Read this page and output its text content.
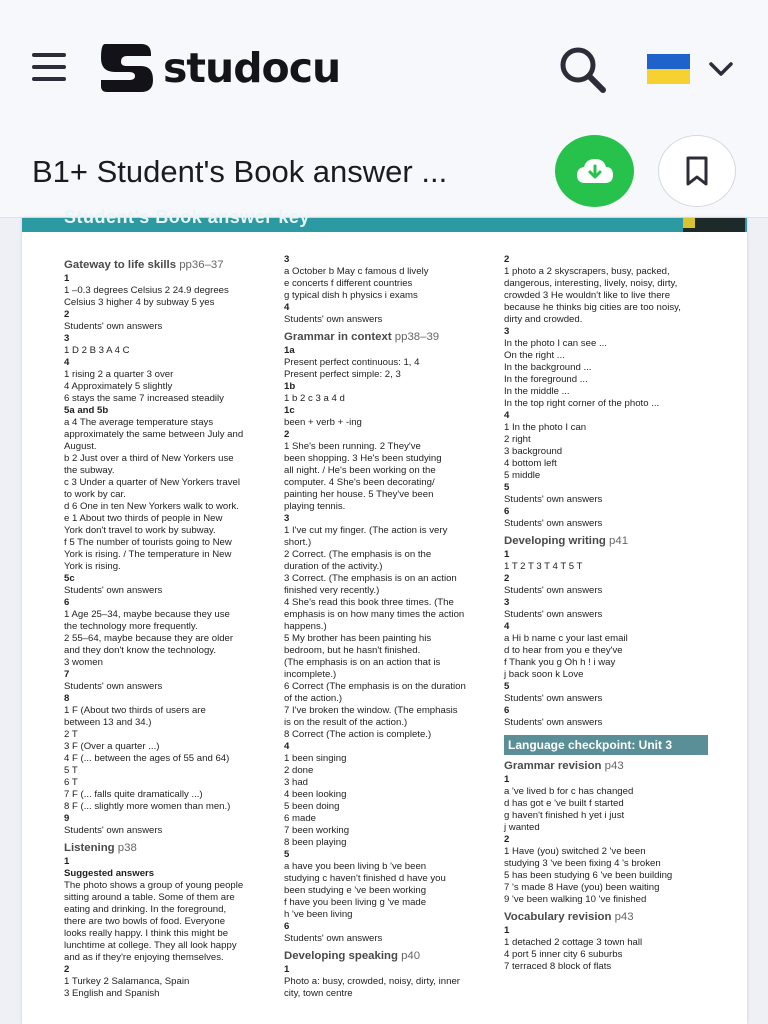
studocu
B1+ Student's Book answer ...
Student's Book answer key
Gateway to life skills pp36–37
1
1 –0.3 degrees Celsius 2 24.9 degrees
Celsius 3 higher 4 by subway 5 yes
2
Students' own answers
3
1 D 2 B 3 A 4 C
4
1 rising 2 a quarter 3 over
4 Approximately 5 slightly
6 stays the same 7 increased steadily
5a and 5b
a 4 The average temperature stays
approximately the same between July and
August.
b 2 Just over a third of New Yorkers use
the subway.
c 3 Under a quarter of New Yorkers travel
to work by car.
d 6 One in ten New Yorkers walk to work.
e 1 About two thirds of people in New
York don't travel to work by subway.
f 5 The number of tourists going to New
York is rising. / The temperature in New
York is rising.
5c
Students' own answers
6
1 Age 25–34, maybe because they use
the technology more frequently.
2 55–64, maybe because they are older
and they don't know the technology.
3 women
7
Students' own answers
8
1 F (About two thirds of users are
between 13 and 34.)
2 T
3 F (Over a quarter ...)
4 F (... between the ages of 55 and 64)
5 T
6 T
7 F (... falls quite dramatically ...)
8 F (... slightly more women than men.)
9
Students' own answers
Listening p38
1
Suggested answers
The photo shows a group of young people
sitting around a table. Some of them are
eating and drinking. In the foreground,
there are two bowls of food. Everyone
looks really happy. I think this might be
lunchtime at college. They all look happy
and as if they're enjoying themselves.
2
1 Turkey 2 Salamanca, Spain
3 English and Spanish
3
a October b May c famous d lively
e concerts f different countries
g typical dish h physics i exams
4
Students' own answers
Grammar in context pp38–39
1a
Present perfect continuous: 1, 4
Present perfect simple: 2, 3
1b
1 b 2 c 3 a 4 d
1c
been + verb + -ing
2
1 She's been running. 2 They've
been shopping. 3 He's been studying
all night. / He's been working on the
computer. 4 She's been decorating/
painting her house. 5 They've been
playing tennis.
3
1 I've cut my finger. (The action is very
short.)
2 Correct. (The emphasis is on the
duration of the activity.)
3 Correct. (The emphasis is on an action
finished very recently.)
4 She's read this book three times. (The
emphasis is on how many times the action
happens.)
5 My brother has been painting his
bedroom, but he hasn't finished.
(The emphasis is on an action that is
incomplete.)
6 Correct (The emphasis is on the duration
of the action.)
7 I've broken the window. (The emphasis
is on the result of the action.)
8 Correct (The action is complete.)
4
1 been singing
2 done
3 had
4 been looking
5 been doing
6 made
7 been working
8 been playing
5
a have you been living b 've been
studying c haven't finished d have you
been studying e 've been working
f have you been living g 've made
h 've been living
6
Students' own answers
Developing speaking p40
1
Photo a: busy, crowded, noisy, dirty, inner
city, town centre
2
1 photo a 2 skyscrapers, busy, packed,
dangerous, interesting, lively, noisy, dirty,
crowded 3 He wouldn't like to live there
because he thinks big cities are too noisy,
dirty and crowded.
3
In the photo I can see ...
On the right ...
In the background ...
In the foreground ...
In the middle ...
In the top right corner of the photo ...
4
1 In the photo I can
2 right
3 background
4 bottom left
5 middle
5
Students' own answers
6
Students' own answers
Developing writing p41
1
1 T 2 T 3 T 4 T 5 T
2
Students' own answers
3
Students' own answers
4
a Hi b name c your last email
d to hear from you e they've
f Thank you g Oh h ! i way
j back soon k Love
5
Students' own answers
6
Students' own answers
Language checkpoint: Unit 3
Grammar revision p43
1
a 've lived b for c has changed
d has got e 've built f started
g haven't finished h yet i just
j wanted
2
1 Have (you) switched 2 've been
studying 3 've been fixing 4 's broken
5 has been studying 6 've been building
7 's made 8 Have (you) been waiting
9 've been walking 10 've finished
Vocabulary revision p43
1
1 detached 2 cottage 3 town hall
4 port 5 inner city 6 suburbs
7 terraced 8 block of flats
